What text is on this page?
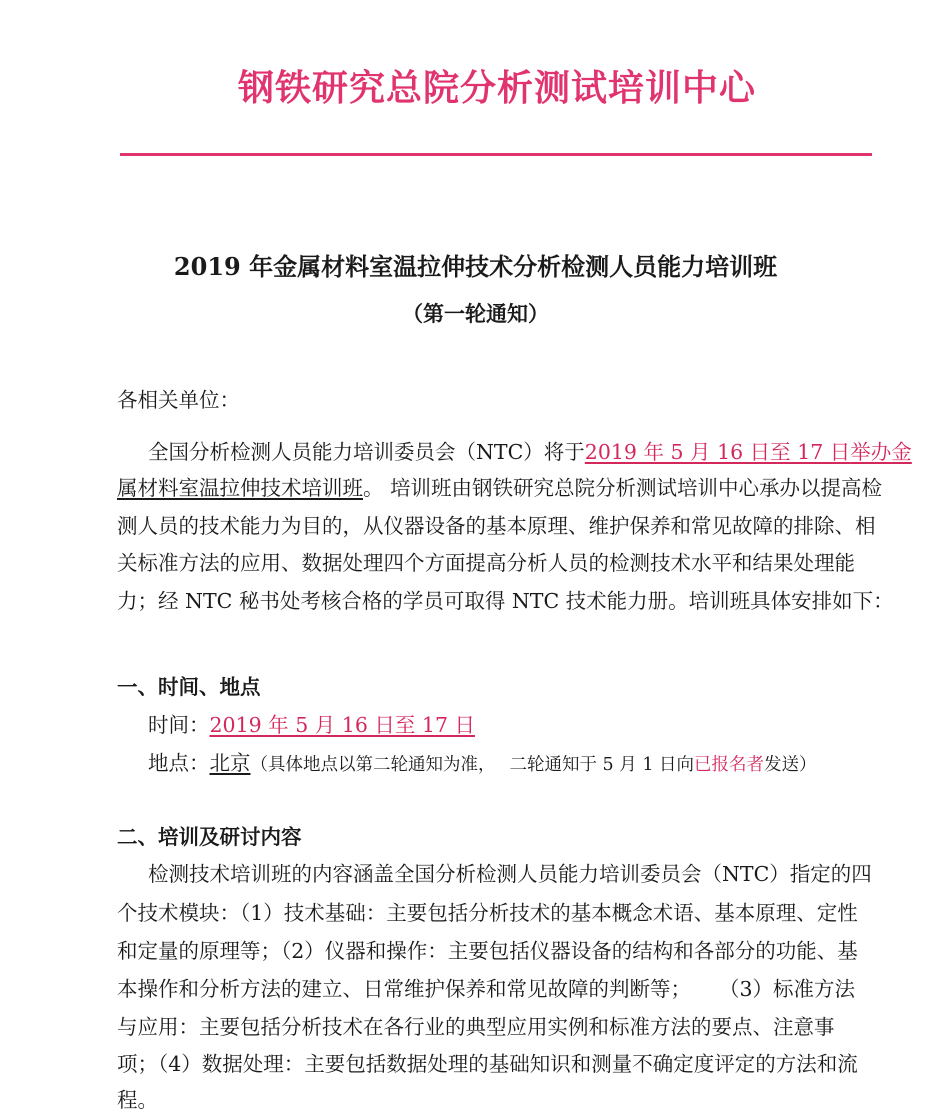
钢铁研究总院分析测试培训中心
2019 年金属材料室温拉伸技术分析检测人员能力培训班
（第一轮通知）
各相关单位：
全国分析检测人员能力培训委员会（NTC）将于2019 年 5 月 16 日至 17 日举办金
属材料室温拉伸技术培训班。 培训班由钢铁研究总院分析测试培训中心承办以提高检
测人员的技术能力为目的，从仪器设备的基本原理、维护保养和常见故障的排除、相
关标准方法的应用、数据处理四个方面提高分析人员的检测技术水平和结果处理能
力；经 NTC 秘书处考核合格的学员可取得 NTC 技术能力册。培训班具体安排如下：
一、时间、地点
时间：2019 年 5 月 16 日至 17 日
地点：北京（具体地点以第二轮通知为准， 二轮通知于 5 月 1 日向已报名者发送）
二、培训及研讨内容
检测技术培训班的内容涵盖全国分析检测人员能力培训委员会（NTC）指定的四
个技术模块：（1）技术基础：主要包括分析技术的基本概念术语、基本原理、定性
和定量的原理等；（2）仪器和操作：主要包括仪器设备的结构和各部分的功能、基
本操作和分析方法的建立、日常维护保养和常见故障的判断等； （3）标准方法
与应用：主要包括分析技术在各行业的典型应用实例和标准方法的要点、注意事
项；（4）数据处理：主要包括数据处理的基础知识和测量不确定度评定的方法和流
程。
